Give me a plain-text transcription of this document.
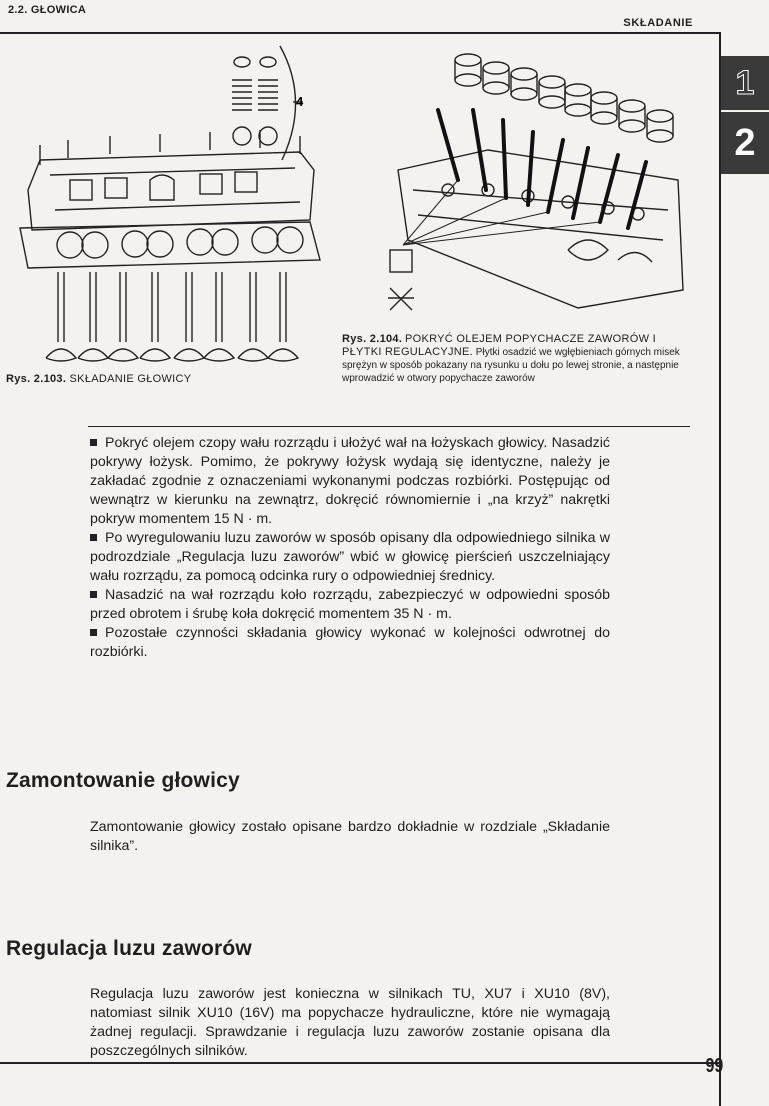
2.2. GŁOWICA
SKŁADANIE
1
2
4
Rys. 2.103. SKŁADANIE GŁOWICY
Rys. 2.104. POKRYĆ OLEJEM POPYCHACZE ZAWORÓW I PŁYTKI REGULACYJNE. Płytki osadzić we wgłębieniach górnych misek sprężyn w sposób pokazany na rysunku u dołu po lewej stronie, a następnie wprowadzić w otwory popychacze zaworów

Pokryć olejem czopy wału rozrządu i ułożyć wał na łożyskach głowicy. Nasadzić pokrywy łożysk. Pomimo, że pokrywy łożysk wydają się identyczne, należy je zakładać zgodnie z oznaczeniami wykonanymi podczas rozbiórki. Postępując od wewnątrz w kierunku na zewnątrz, dokręcić równomiernie i „na krzyż” nakrętki pokryw momentem 15 N · m.

Po wyregulowaniu luzu zaworów w sposób opisany dla odpowiedniego silnika w podrozdziale „Regulacja luzu zaworów” wbić w głowicę pierścień uszczelniający wału rozrządu, za pomocą odcinka rury o odpowiedniej średnicy.

Nasadzić na wał rozrządu koło rozrządu, zabezpieczyć w odpowiedni sposób przed obrotem i śrubę koła dokręcić momentem 35 N · m.

Pozostałe czynności składania głowicy wykonać w kolejności odwrotnej do rozbiórki.

Zamontowanie głowicy
Zamontowanie głowicy zostało opisane bardzo dokładnie w rozdziale „Składanie silnika”.
Regulacja luzu zaworów
Regulacja luzu zaworów jest konieczna w silnikach TU, XU7 i XU10 (8V), natomiast silnik XU10 (16V) ma popychacze hydrauliczne, które nie wymagają żadnej regulacji. Sprawdzanie i regulacja luzu zaworów zostanie opisana dla poszczególnych silników.
99
